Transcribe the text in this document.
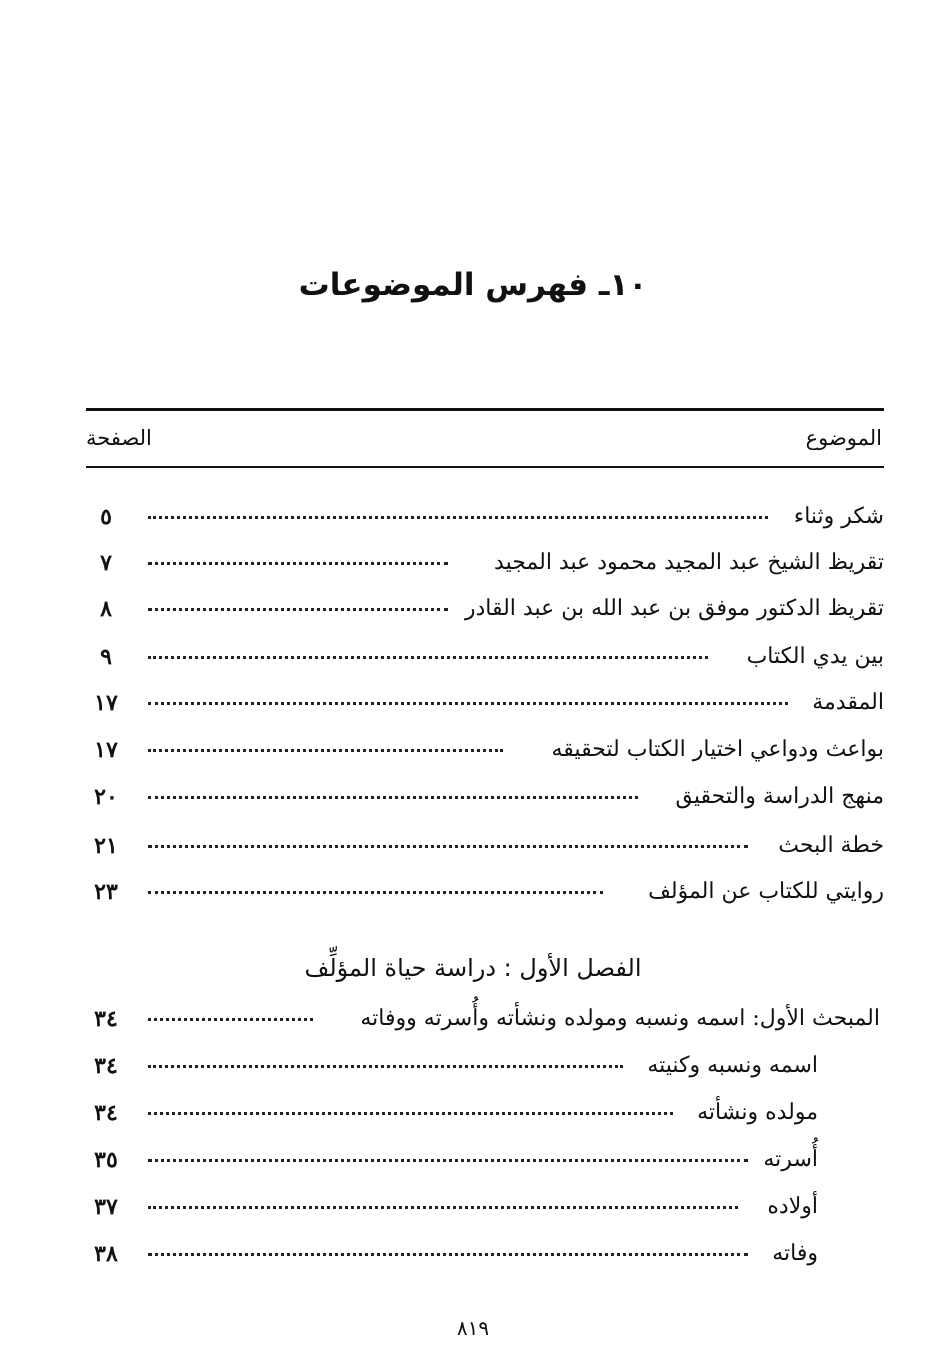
١٠ـ فهرس الموضوعات
الموضوع
الصفحة
شكر وثناء
٥
تقريظ الشيخ عبد المجيد محمود عبد المجيد
٧
تقريظ الدكتور موفق بن عبد الله بن عبد القادر
٨
بين يدي الكتاب
٩
المقدمة
١٧
بواعث ودواعي اختيار الكتاب لتحقيقه
١٧
منهج الدراسة والتحقيق
٢٠
خطة البحث
٢١
روايتي للكتاب عن المؤلف
٢٣
الفصل الأول : دراسة حياة المؤلِّف
المبحث الأول: اسمه ونسبه ومولده ونشأته وأُسرته ووفاته
٣٤
اسمه ونسبه وكنيته
٣٤
مولده ونشأته
٣٤
أُسرته
٣٥
أولاده
٣٧
وفاته
٣٨
٨١٩
